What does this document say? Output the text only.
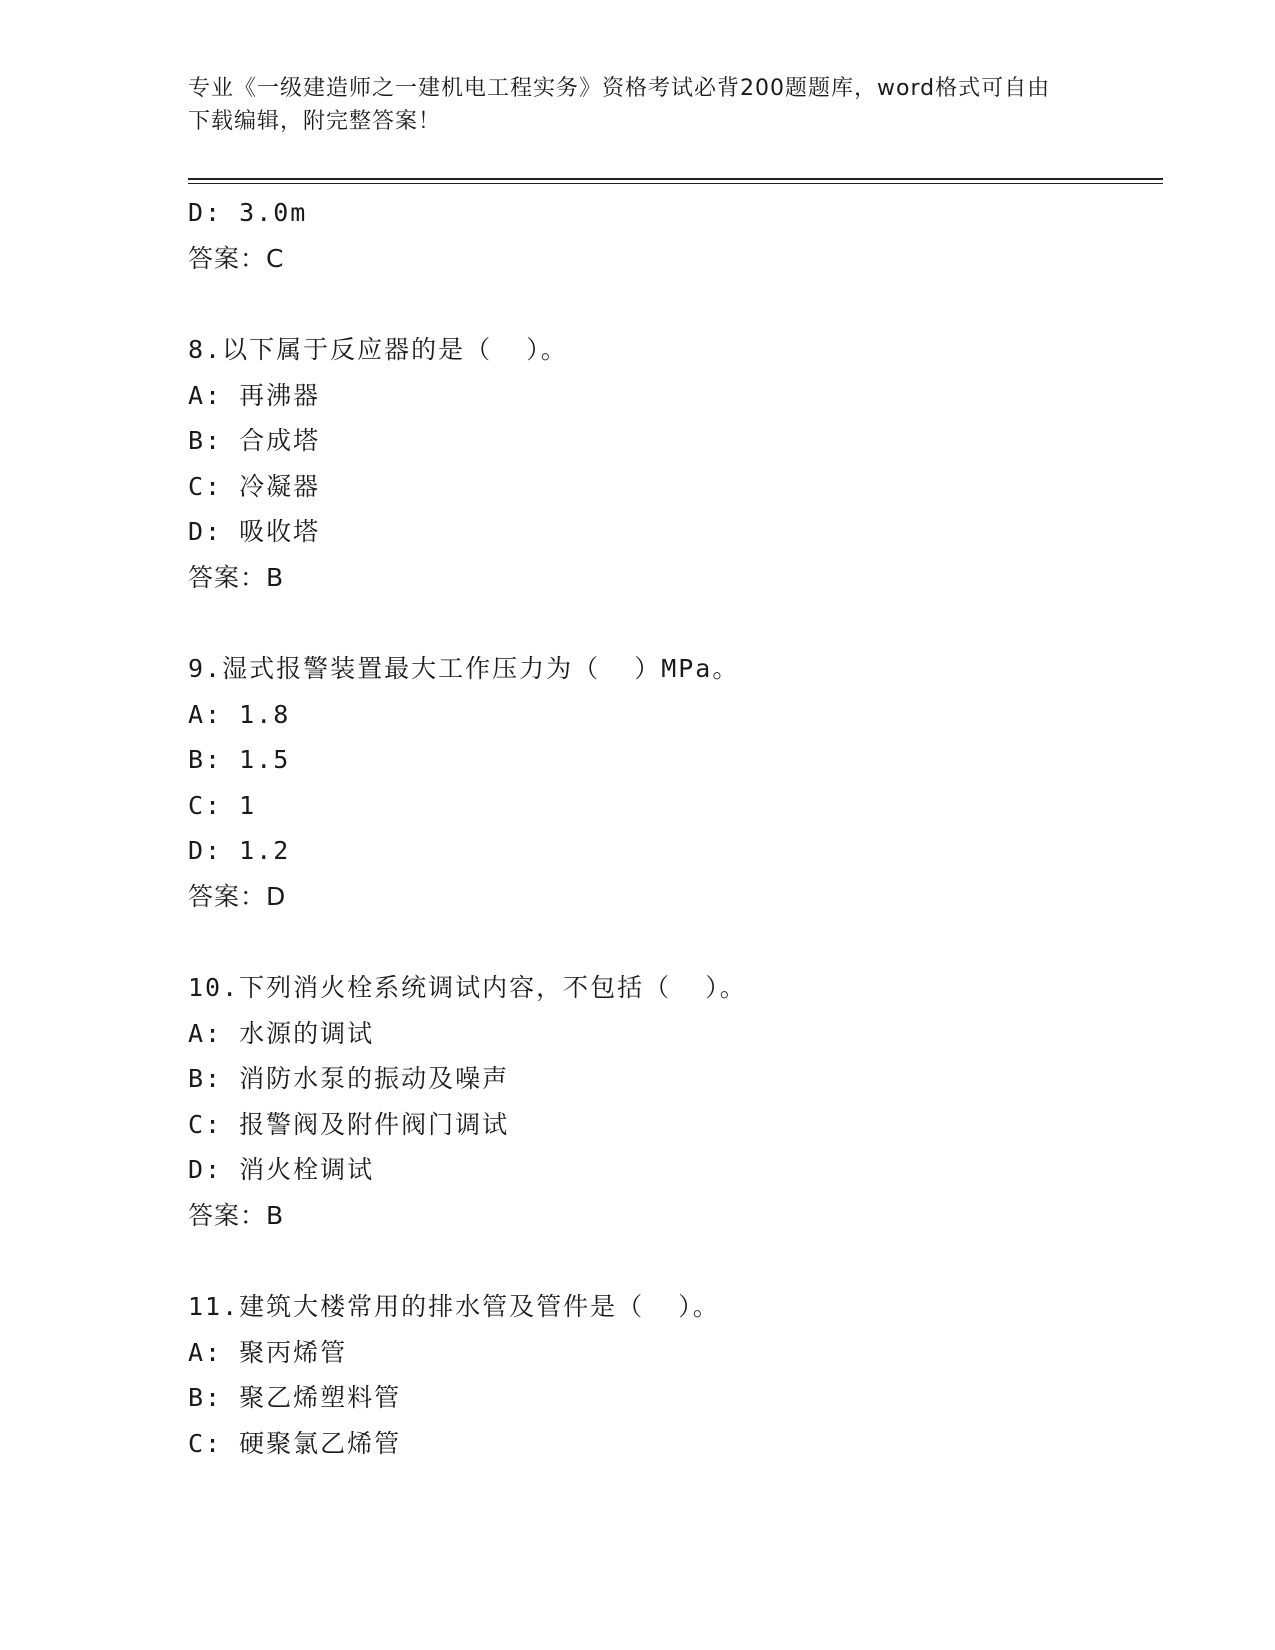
专业《一级建造师之一建机电工程实务》资格考试必背200题题库，word格式可自由下载编辑，附完整答案！
D: 3.0m
答案：C
8.以下属于反应器的是（  ）。
A: 再沸器
B: 合成塔
C: 冷凝器
D: 吸收塔
答案：B
9.湿式报警装置最大工作压力为（  ）MPa。
A: 1.8
B: 1.5
C: 1
D: 1.2
答案：D
10.下列消火栓系统调试内容，不包括（  ）。
A: 水源的调试
B: 消防水泵的振动及噪声
C: 报警阀及附件阀门调试
D: 消火栓调试
答案：B
11.建筑大楼常用的排水管及管件是（  ）。
A: 聚丙烯管
B: 聚乙烯塑料管
C: 硬聚氯乙烯管
